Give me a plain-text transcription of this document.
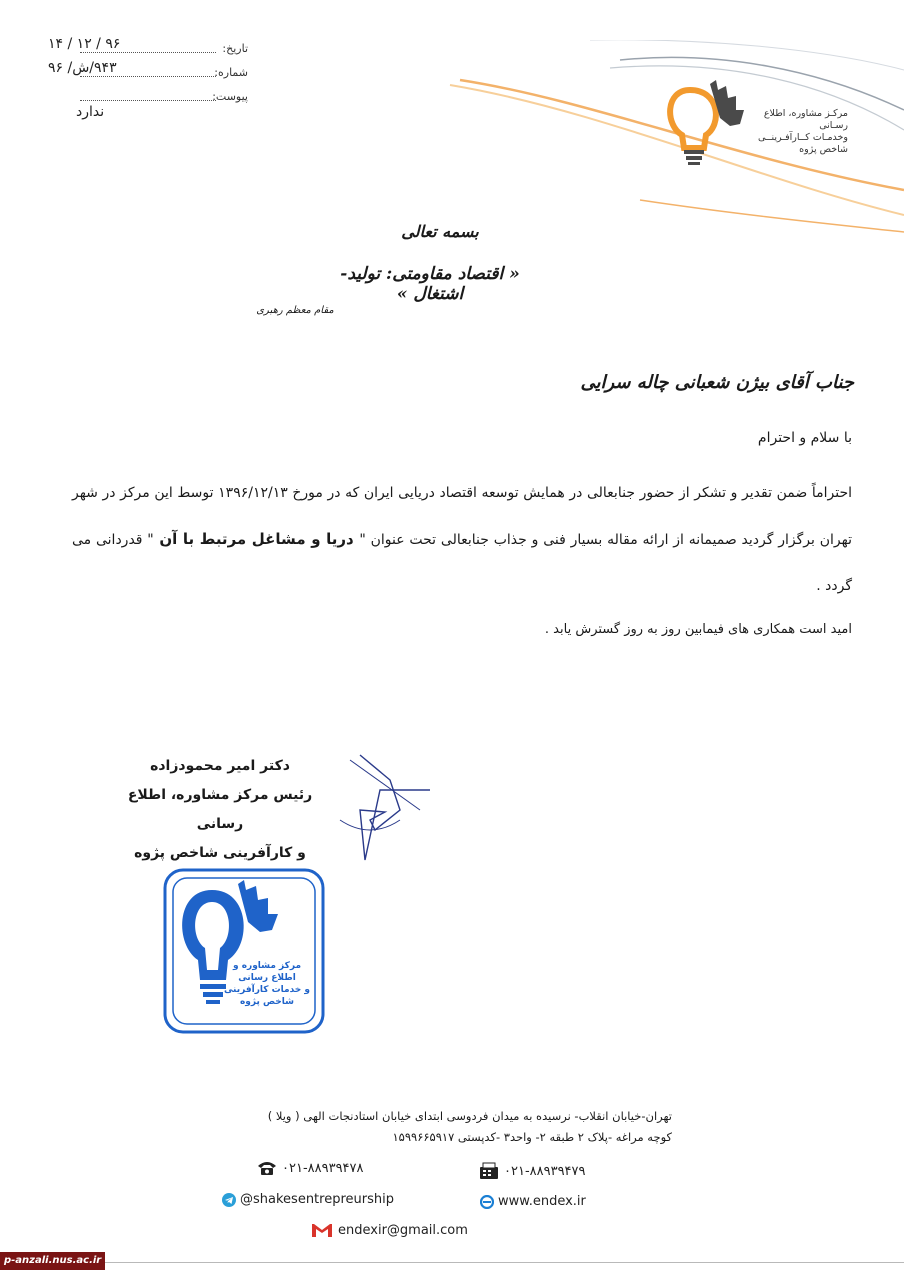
مرکـز مشاوره، اطلاع رسـانی
وخدمـات کــارآفـرینــی
شاخص پژوه
تاریخ:
۹۶ / ۱۲ / ۱۴
شماره:
۹۴۳/ش/ ۹۶
پیوست:
ندارد
بسمه تعالی
« اقتصاد مقاومتی: تولید- اشتغال »
مقام معظم رهبری
جناب آقای بیژن شعبانی چاله سرایی
با سلام و احترام
احتراماً ضمن تقدیر و تشکر از حضور جنابعالی در همایش توسعه اقتصاد دریایی ایران که در مورخ ۱۳۹۶/۱۲/۱۳ توسط این مرکز در شهر تهران برگزار گردید صمیمانه از ارائه مقاله بسیار فنی و جذاب جنابعالی تحت عنوان " دریا و مشاغل مرتبط با آن " قدردانی می گردد .
امید است همکاری های فیمابین روز به روز گسترش یابد .
دکتر امیر محمودزاده
رئیس مرکز مشاوره، اطلاع رسانی
و کارآفرینی شاخص پژوه
مرکز مشاوره و اطلاع رسانی
و خدمات کارآفرینی
شاخص پژوه
تهران-خیابان انقلاب- نرسیده به میدان فردوسی ابتدای خیابان استادنجات الهی ( ویلا )
کوچه مراغه -پلاک ۲ طبقه ۲- واحد۳ -کدپستی ۱۵۹۹۶۶۵۹۱۷
۰۲۱-۸۸۹۳۹۴۷۸	۰۲۱-۸۸۹۳۹۴۷۹
@shakesentrepreurship	www.endex.ir
endexir@gmail.com
p-anzali.nus.ac.ir
